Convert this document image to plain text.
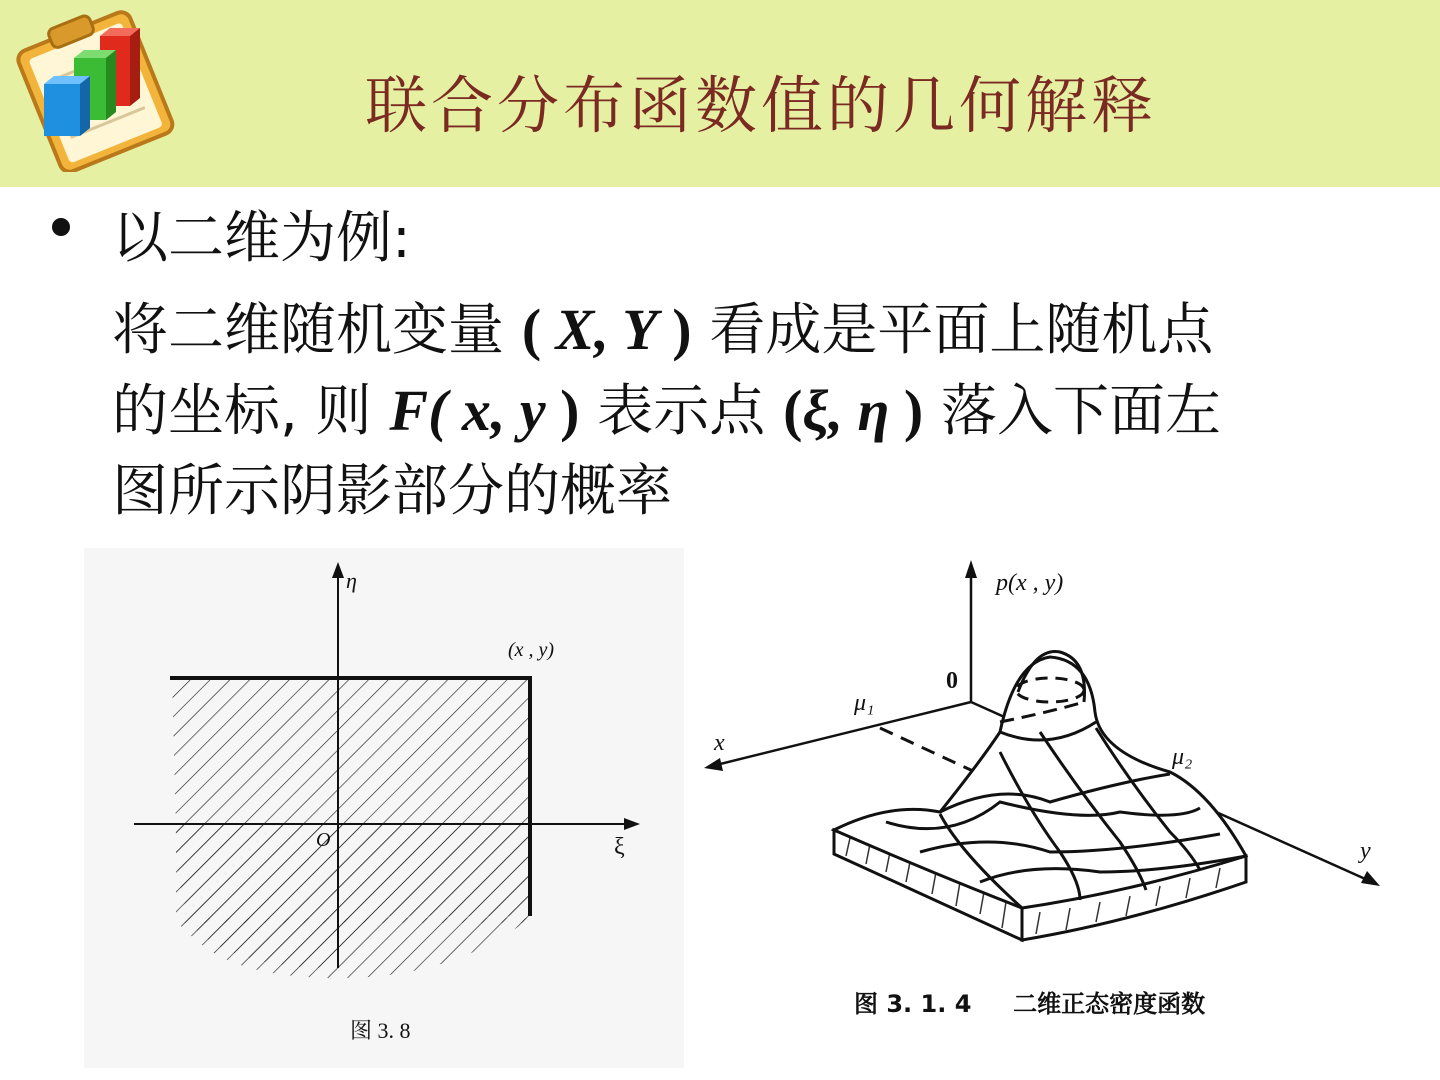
联合分布函数值的几何解释
以二维为例:
将二维随机变量 ( X, Y ) 看成是平面上随机点
的坐标, 则 F( x, y ) 表示点 (ξ, η ) 落入下面左
图所示阴影部分的概率
η
ξ
O
(x , y)
图 3. 8
p(x , y)
0
x
y
μ₁
μ₂
图 3. 1. 4     二维正态密度函数
